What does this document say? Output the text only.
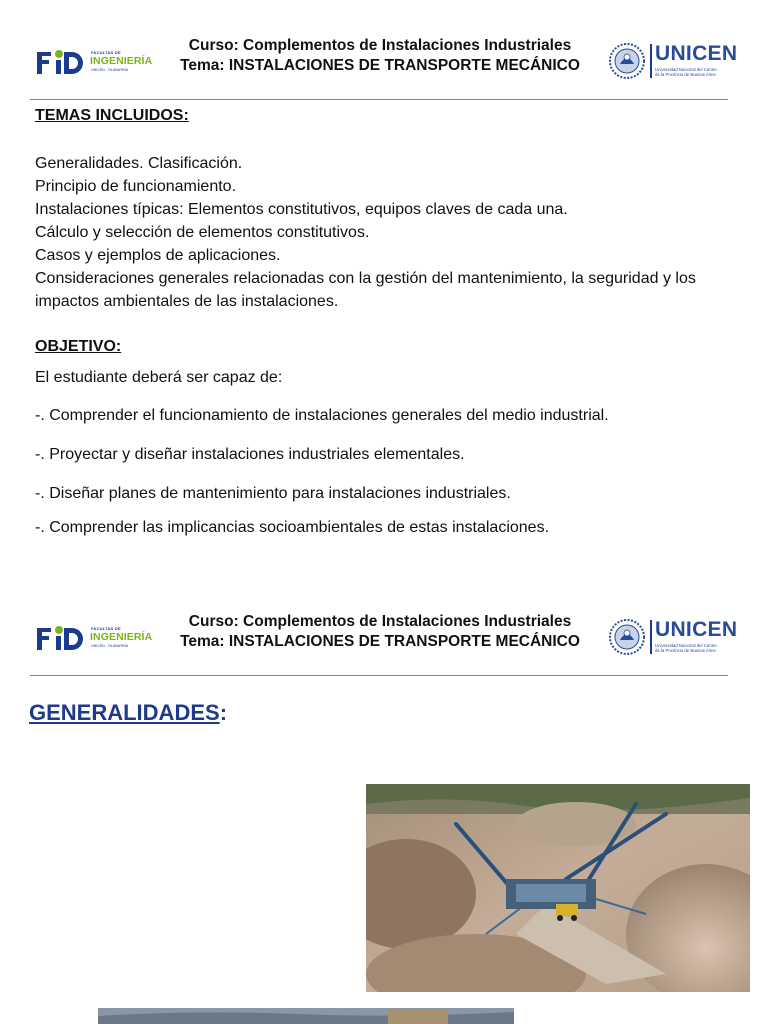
FACULTAD DE
INGENIERÍA
UNICEN · OLAVARRÍA
Curso: Complementos de Instalaciones Industriales
Tema: INSTALACIONES DE TRANSPORTE MECÁNICO
UNICEN
Universidad Nacional del Centro
de la Provincia de Buenos Aires
TEMAS INCLUIDOS:
Generalidades. Clasificación.
Principio de funcionamiento.
Instalaciones típicas: Elementos constitutivos, equipos claves de cada una.
Cálculo y selección de elementos constitutivos.
Casos y ejemplos de aplicaciones.
Consideraciones generales relacionadas con la gestión del mantenimiento, la seguridad y los impactos ambientales de las instalaciones.
OBJETIVO:
El estudiante deberá ser capaz de:
-. Comprender el funcionamiento de instalaciones generales del medio industrial.
-. Proyectar y diseñar instalaciones industriales elementales.
-. Diseñar planes de mantenimiento para instalaciones industriales.
-. Comprender las implicancias socioambientales de estas instalaciones.
FACULTAD DE
INGENIERÍA
UNICEN · OLAVARRÍA
Curso: Complementos de Instalaciones Industriales
Tema: INSTALACIONES DE TRANSPORTE MECÁNICO
UNICEN
Universidad Nacional del Centro
de la Provincia de Buenos Aires
GENERALIDADES:
